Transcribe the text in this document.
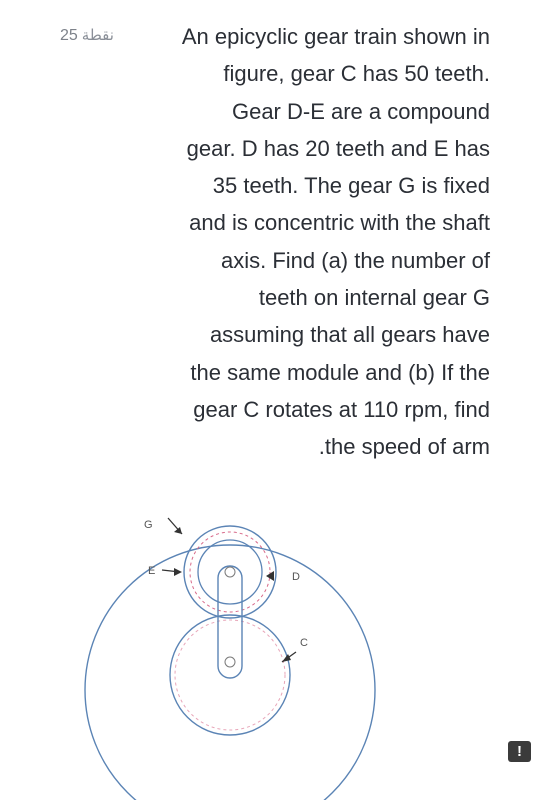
25 نقطة	An epicyclic gear train shown in
figure, gear C has 50 teeth.
Gear D-E are a compound
gear. D has 20 teeth and E has
35 teeth. The gear G is fixed
and is concentric with the shaft
axis. Find (a) the number of
teeth on internal gear G
assuming that all gears have
the same module and (b) If the
gear C rotates at 110 rpm, find
.the speed of arm
G
E	D
C
!
